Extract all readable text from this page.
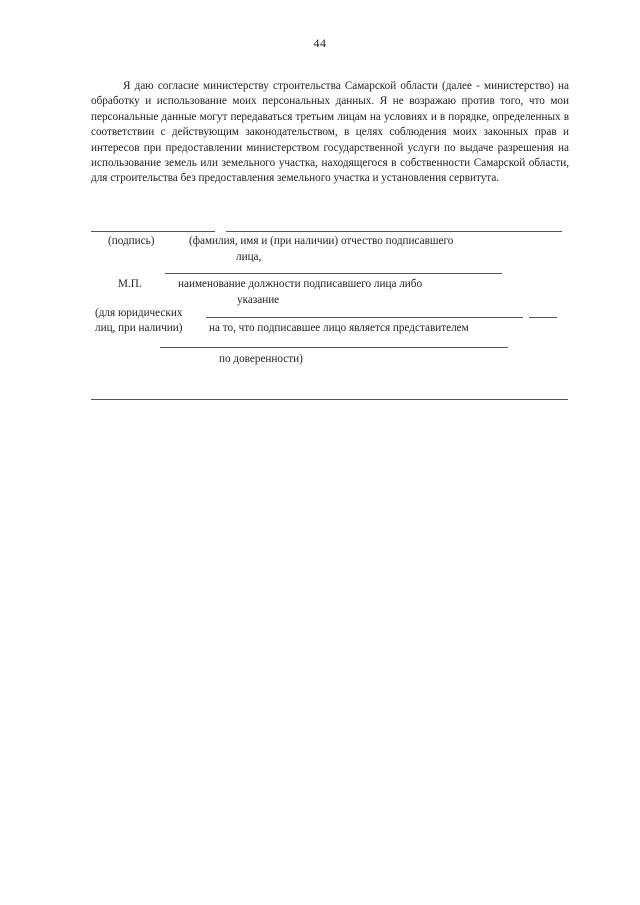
44

Я даю согласие министерству строительства Самарской области (далее - министерство) на обработку и использование моих персональных данных. Я не возражаю против того, что мои персональные данные могут передаваться третьим лицам на условиях и в порядке, определенных в соответствии с действующим законодательством, в целях соблюдения моих законных прав и интересов при предоставлении министерством государственной услуги по выдаче разрешения на использование земель или земельного участка, находящегося в собственности Самарской области, для строительства без предоставления земельного участка и установления сервитута.

(подпись)	(фамилия, имя и (при наличии) отчество подписавшего
лица,
М.П.	наименование должности подписавшего лица либо
указание
(для юридических
лиц, при наличии) на то, что подписавшее лицо является представителем
по доверенности)
